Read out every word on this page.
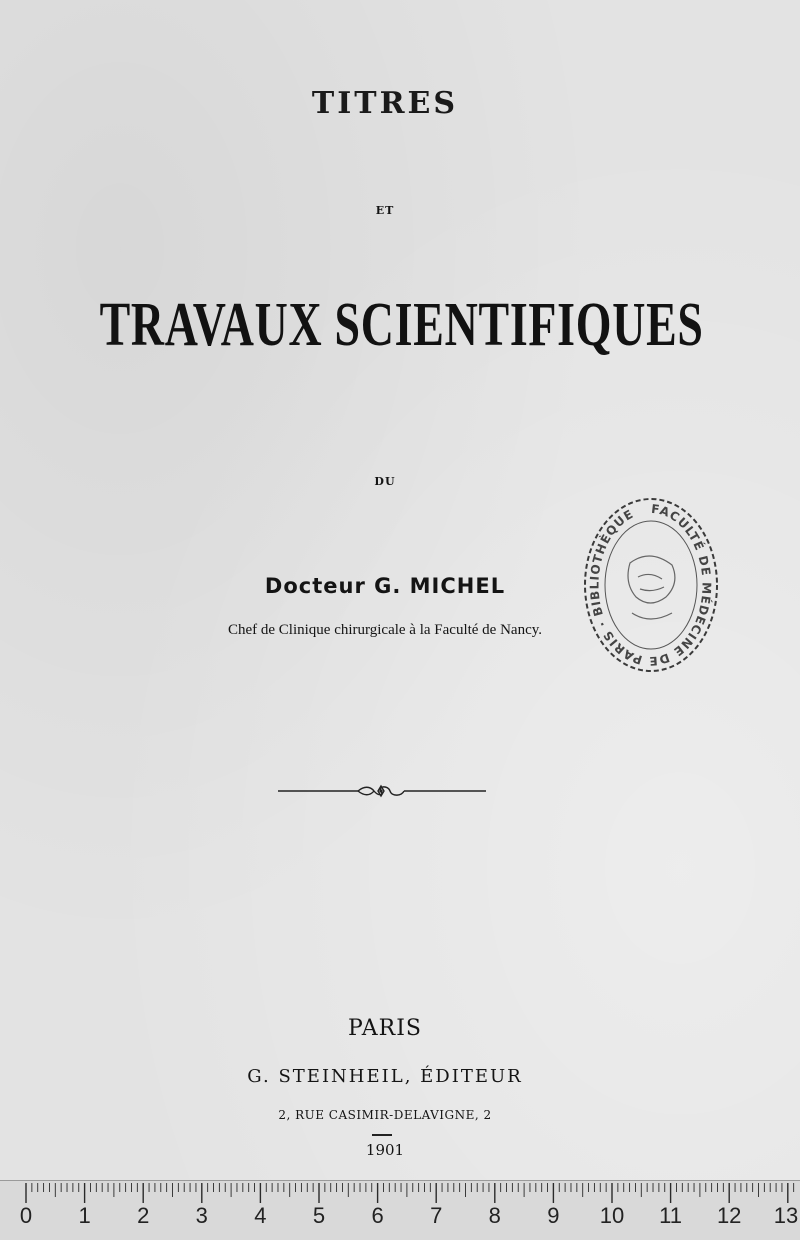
TITRES
ET
TRAVAUX SCIENTIFIQUES
DU
Docteur G. MICHEL
Chef de Clinique chirurgicale à la Faculté de Nancy.
FACULTÉ DE MÉDECINE DE PARIS · BIBLIOTHÈQUE
PARIS
G. STEINHEIL, ÉDITEUR
2, RUE CASIMIR-DELAVIGNE, 2
1901
0 1 2 3 4 5 6 7 8 9 10 11 12 13
